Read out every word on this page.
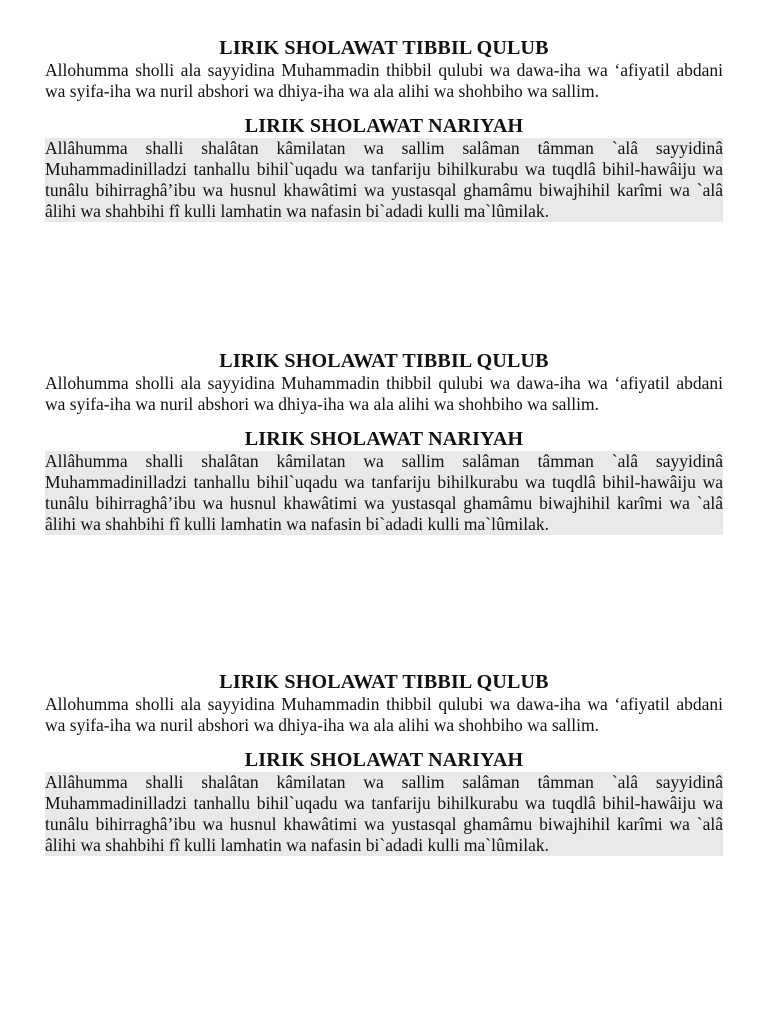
LIRIK SHOLAWAT TIBBIL QULUB

Allohumma sholli ala sayyidina Muhammadin thibbil qulubi wa dawa-iha wa ‘afiyatil abdani wa syifa-iha wa nuril abshori wa dhiya-iha wa ala alihi wa shohbiho wa sallim.

LIRIK SHOLAWAT NARIYAH

Allâhumma shalli shalâtan kâmilatan wa sallim salâman tâmman `alâ sayyidinâ Muhammadinilladzi tanhallu bihil`uqadu wa tanfariju bihilkurabu wa tuqdlâ bihil-hawâiju wa tunâlu bihirraghâ’ibu wa husnul khawâtimi wa yustasqal ghamâmu biwajhihil karîmi wa `alâ âlihi wa shahbihi fî kulli lamhatin wa nafasin bi`adadi kulli ma`lûmilak.

LIRIK SHOLAWAT TIBBIL QULUB

Allohumma sholli ala sayyidina Muhammadin thibbil qulubi wa dawa-iha wa ‘afiyatil abdani wa syifa-iha wa nuril abshori wa dhiya-iha wa ala alihi wa shohbiho wa sallim.

LIRIK SHOLAWAT NARIYAH

Allâhumma shalli shalâtan kâmilatan wa sallim salâman tâmman `alâ sayyidinâ Muhammadinilladzi tanhallu bihil`uqadu wa tanfariju bihilkurabu wa tuqdlâ bihil-hawâiju wa tunâlu bihirraghâ’ibu wa husnul khawâtimi wa yustasqal ghamâmu biwajhihil karîmi wa `alâ âlihi wa shahbihi fî kulli lamhatin wa nafasin bi`adadi kulli ma`lûmilak.

LIRIK SHOLAWAT TIBBIL QULUB

Allohumma sholli ala sayyidina Muhammadin thibbil qulubi wa dawa-iha wa ‘afiyatil abdani wa syifa-iha wa nuril abshori wa dhiya-iha wa ala alihi wa shohbiho wa sallim.

LIRIK SHOLAWAT NARIYAH

Allâhumma shalli shalâtan kâmilatan wa sallim salâman tâmman `alâ sayyidinâ Muhammadinilladzi tanhallu bihil`uqadu wa tanfariju bihilkurabu wa tuqdlâ bihil-hawâiju wa tunâlu bihirraghâ’ibu wa husnul khawâtimi wa yustasqal ghamâmu biwajhihil karîmi wa `alâ âlihi wa shahbihi fî kulli lamhatin wa nafasin bi`adadi kulli ma`lûmilak.
